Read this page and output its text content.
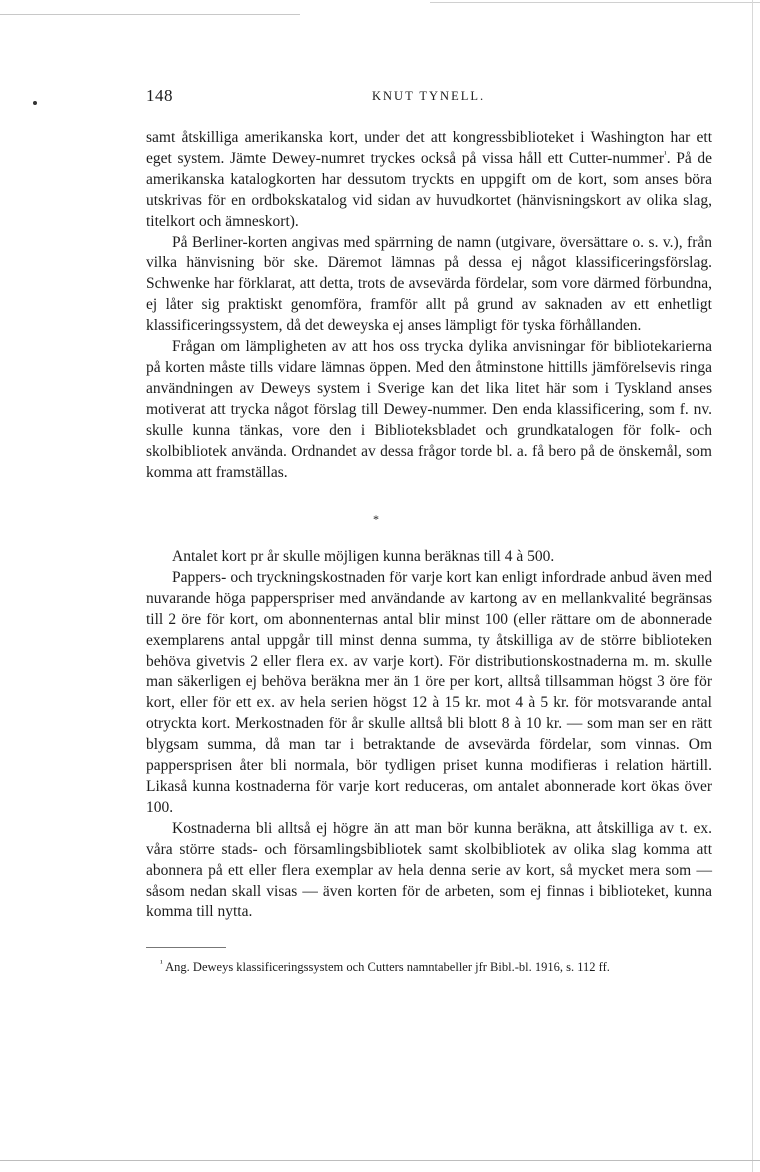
148	KNUT TYNELL.

samt åtskilliga amerikanska kort, under det att kongressbiblioteket i Washington har ett eget system. Jämte Dewey-numret tryckes också på vissa håll ett Cutter-nummer$^{^1}$. På de amerikanska katalogkorten har dessutom tryckts en uppgift om de kort, som anses böra utskrivas för en ordbokskatalog vid sidan av huvudkortet (hänvisningskort av olika slag, titelkort och ämneskort).

På Berliner-korten angivas med spärrning de namn (utgivare, översättare o. s. v.), från vilka hänvisning bör ske. Däremot lämnas på dessa ej något klassificeringsförslag. Schwenke har förklarat, att detta, trots de avsevärda fördelar, som vore därmed förbundna, ej låter sig praktiskt genomföra, framför allt på grund av saknaden av ett enhetligt klassificeringssystem, då det deweyska ej anses lämpligt för tyska förhållanden.

Frågan om lämpligheten av att hos oss trycka dylika anvisningar för bibliotekarierna på korten måste tills vidare lämnas öppen. Med den åtminstone hittills jämförelsevis ringa användningen av Deweys system i Sverige kan det lika litet här som i Tyskland anses motiverat att trycka något förslag till Dewey-nummer. Den enda klassificering, som f. nv. skulle kunna tänkas, vore den i Biblioteksbladet och grundkatalogen för folk- och skolbibliotek använda. Ordnandet av dessa frågor torde bl. a. få bero på de önskemål, som komma att framställas.

*

Antalet kort pr år skulle möjligen kunna beräknas till 4 à 500.

Pappers- och tryckningskostnaden för varje kort kan enligt infordrade anbud även med nuvarande höga papperspriser med användande av kartong av en mellankvalité begränsas till 2 öre för kort, om abonnenternas antal blir minst 100 (eller rättare om de abonnerade exemplarens antal uppgår till minst denna summa, ty åtskilliga av de större biblioteken behöva givetvis 2 eller flera ex. av varje kort). För distributionskostnaderna m. m. skulle man säkerligen ej behöva beräkna mer än 1 öre per kort, alltså tillsamman högst 3 öre för kort, eller för ett ex. av hela serien högst 12 à 15 kr. mot 4 à 5 kr. för motsvarande antal otryckta kort. Merkostnaden för år skulle alltså bli blott 8 à 10 kr. — som man ser en rätt blygsam summa, då man tar i betraktande de avsevärda fördelar, som vinnas. Om pappersprisen åter bli normala, bör tydligen priset kunna modifieras i relation härtill. Likaså kunna kostnaderna för varje kort reduceras, om antalet abonnerade kort ökas över 100.

Kostnaderna bli alltså ej högre än att man bör kunna beräkna, att åtskilliga av t. ex. våra större stads- och församlingsbibliotek samt skolbibliotek av olika slag komma att abonnera på ett eller flera exemplar av hela denna serie av kort, så mycket mera som — såsom nedan skall visas — även korten för de arbeten, som ej finnas i biblioteket, kunna komma till nytta.

$^{^1}$ Ang. Deweys klassificeringssystem och Cutters namntabeller jfr Bibl.-bl. 1916, s. 112 ff.
